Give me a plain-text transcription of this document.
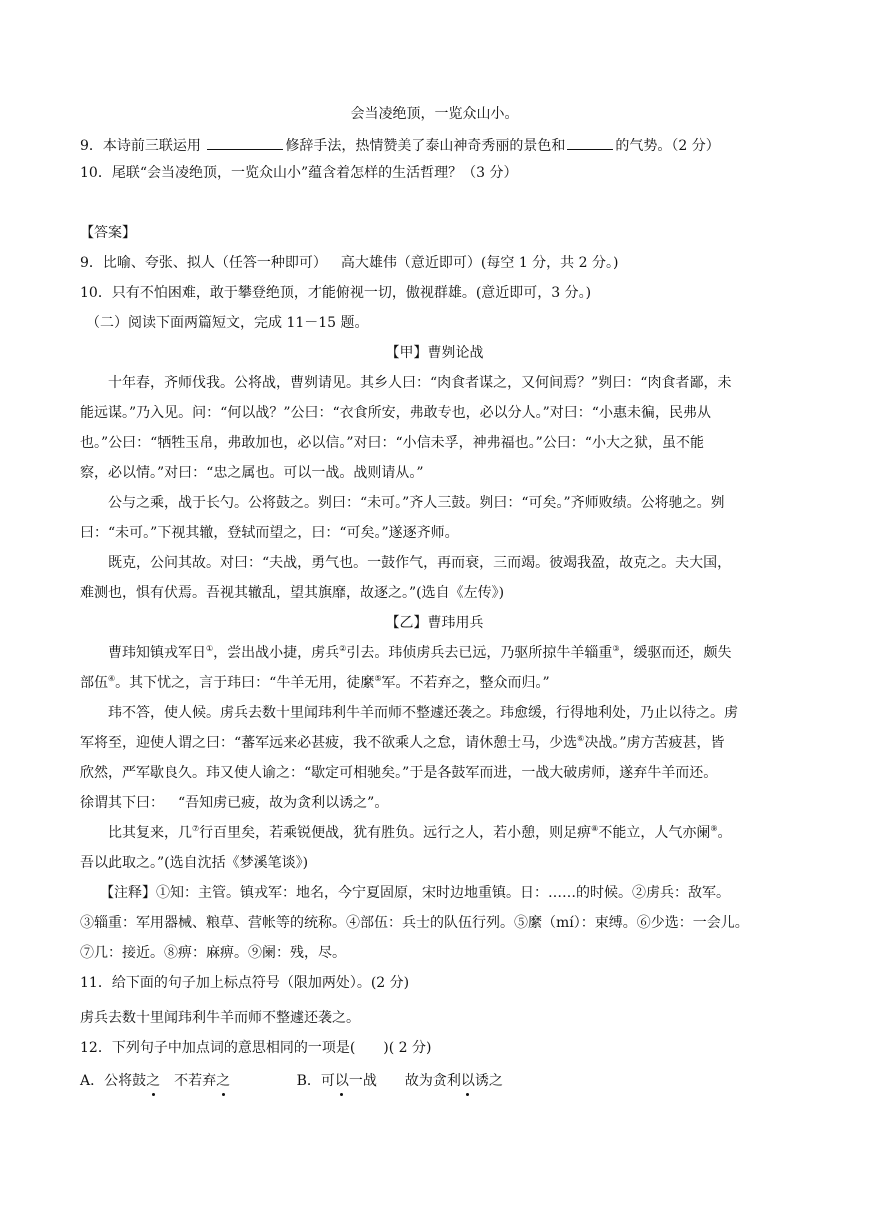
会当凌绝顶，一览众山小。
9．本诗前三联运用	修辞手法，热情赞美了泰山神奇秀丽的景色和	的气势。（2 分）
10．尾联“会当凌绝顶，一览众山小”蕴含着怎样的生活哲理？（3 分）
【答案】
9．比喻、夸张、拟人（任答一种即可） 高大雄伟（意近即可）(每空 1 分，共 2 分。)
10．只有不怕困难，敢于攀登绝顶，才能俯视一切，傲视群雄。(意近即可，3 分。)
（二）阅读下面两篇短文，完成 11－15 题。
【甲】曹刿论战
十年春，齐师伐我。公将战，曹刿请见。其乡人曰：“肉食者谋之，又何间焉？”刿曰：“肉食者鄙，未
能远谋。”乃入见。问：“何以战？”公曰：“衣食所安，弗敢专也，必以分人。”对曰：“小惠未徧，民弗从
也。”公曰：“牺牲玉帛，弗敢加也，必以信。”对曰：“小信未孚，神弗福也。”公曰：“小大之狱，虽不能
察，必以情。”对曰：“忠之属也。可以一战。战则请从。”
公与之乘，战于长勺。公将鼓之。刿曰：“未可。”齐人三鼓。刿曰：“可矣。”齐师败绩。公将驰之。刿
曰：“未可。”下视其辙，登轼而望之，曰：“可矣。”遂逐齐师。
既克，公问其故。对曰：“夫战，勇气也。一鼓作气，再而衰，三而竭。彼竭我盈，故克之。夫大国，
难测也，惧有伏焉。吾视其辙乱，望其旗靡，故逐之。”(选自《左传》)
【乙】曹玮用兵
曹玮知镇戎军日①，尝出战小捷，虏兵②引去。玮侦虏兵去已远，乃驱所掠牛羊辎重③，缓驱而还，颇失
部伍④。其下忧之，言于玮曰：“牛羊无用，徒縻⑤军。不若弃之，整众而归。”
玮不答，使人候。虏兵去数十里闻玮利牛羊而师不整遽还袭之。玮愈缓，行得地利处，乃止以待之。虏
军将至，迎使人谓之曰：“蕃军远来必甚疲，我不欲乘人之怠，请休憩士马，少选⑥决战。”虏方苦疲甚，皆
欣然，严军歇良久。玮又使人谕之：“歇定可相驰矣。”于是各鼓军而进，一战大破虏师，遂弃牛羊而还。
徐谓其下曰： “吾知虏已疲，故为贪利以诱之”。
比其复来，几⑦行百里矣，若乘锐便战，犹有胜负。远行之人，若小憩，则足痹⑧不能立，人气亦阑⑨。
吾以此取之。”(选自沈括《梦溪笔谈》)
【注释】①知：主管。镇戎军：地名，今宁夏固原，宋时边地重镇。日：……的时候。②虏兵：敌军。
③辎重：军用器械、粮草、营帐等的统称。④部伍：兵士的队伍行列。⑤縻（mí）：束缚。⑥少选：一会儿。
⑦几：接近。⑧痹：麻痹。⑨阑：残，尽。
11．给下面的句子加上标点符号（限加两处）。(2 分)
虏兵去数十里闻玮利牛羊而师不整遽还袭之。
12．下列句子中加点词的意思相同的一项是(　　)( 2 分)
A．公将鼓之 不若弃之	B．可以一战 故为贪利以诱之
